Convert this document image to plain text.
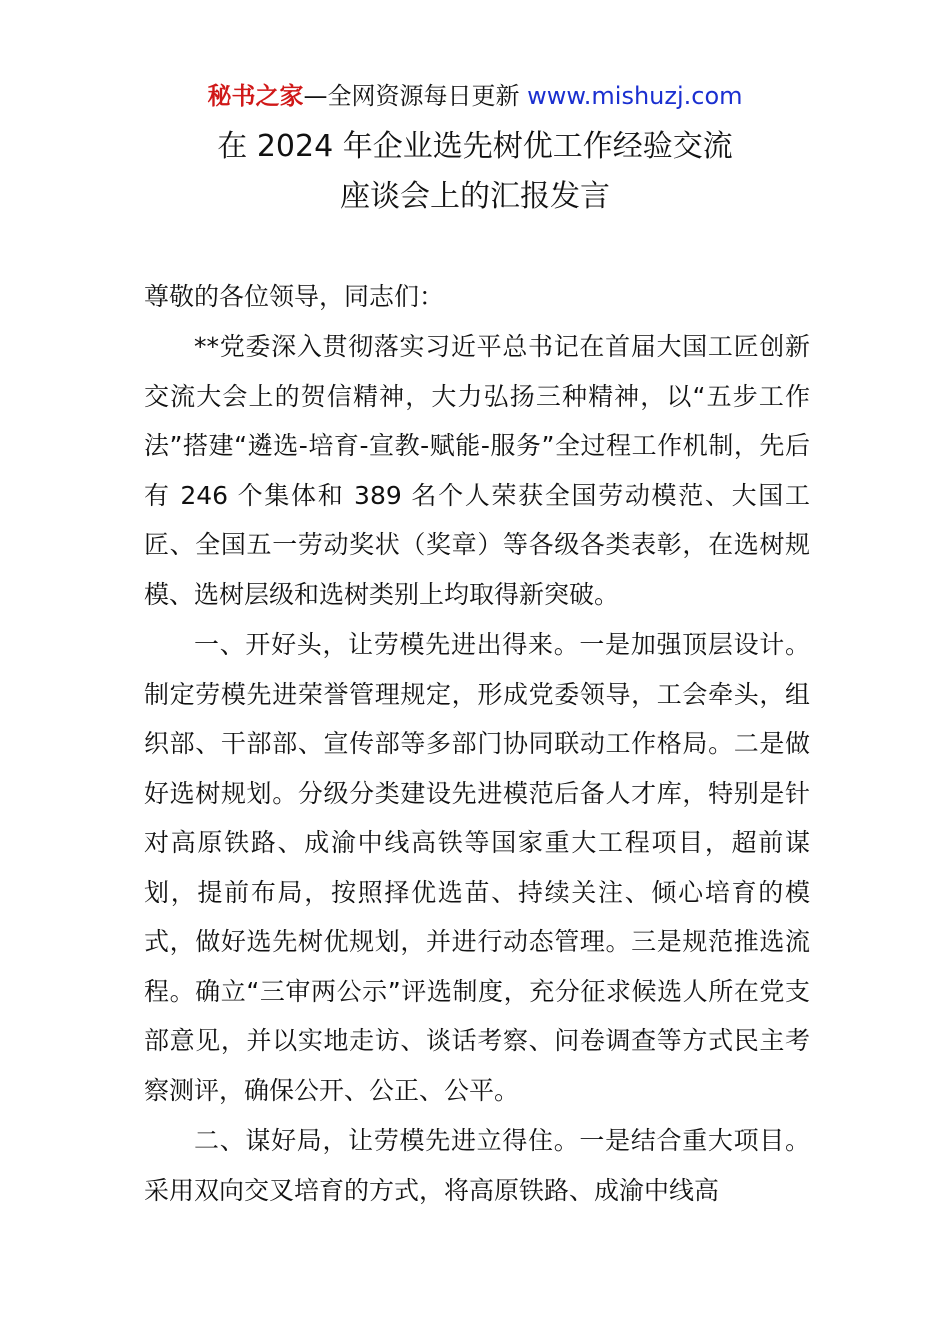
秘书之家—全网资源每日更新 www.mishuzj.com
在 2024 年企业选先树优工作经验交流
座谈会上的汇报发言
尊敬的各位领导，同志们：

**党委深入贯彻落实习近平总书记在首届大国工匠创新交流大会上的贺信精神，大力弘扬三种精神，以“五步工作法”搭建“遴选-培育-宣教-赋能-服务”全过程工作机制，先后有 246 个集体和 389 名个人荣获全国劳动模范、大国工匠、全国五一劳动奖状（奖章）等各级各类表彰，在选树规模、选树层级和选树类别上均取得新突破。

一、开好头，让劳模先进出得来。一是加强顶层设计。制定劳模先进荣誉管理规定，形成党委领导，工会牵头，组织部、干部部、宣传部等多部门协同联动工作格局。二是做好选树规划。分级分类建设先进模范后备人才库，特别是针对高原铁路、成渝中线高铁等国家重大工程项目，超前谋划，提前布局，按照择优选苗、持续关注、倾心培育的模式，做好选先树优规划，并进行动态管理。三是规范推选流程。确立“三审两公示”评选制度，充分征求候选人所在党支部意见，并以实地走访、谈话考察、问卷调查等方式民主考察测评，确保公开、公正、公平。

二、谋好局，让劳模先进立得住。一是结合重大项目。采用双向交叉培育的方式，将高原铁路、成渝中线高
